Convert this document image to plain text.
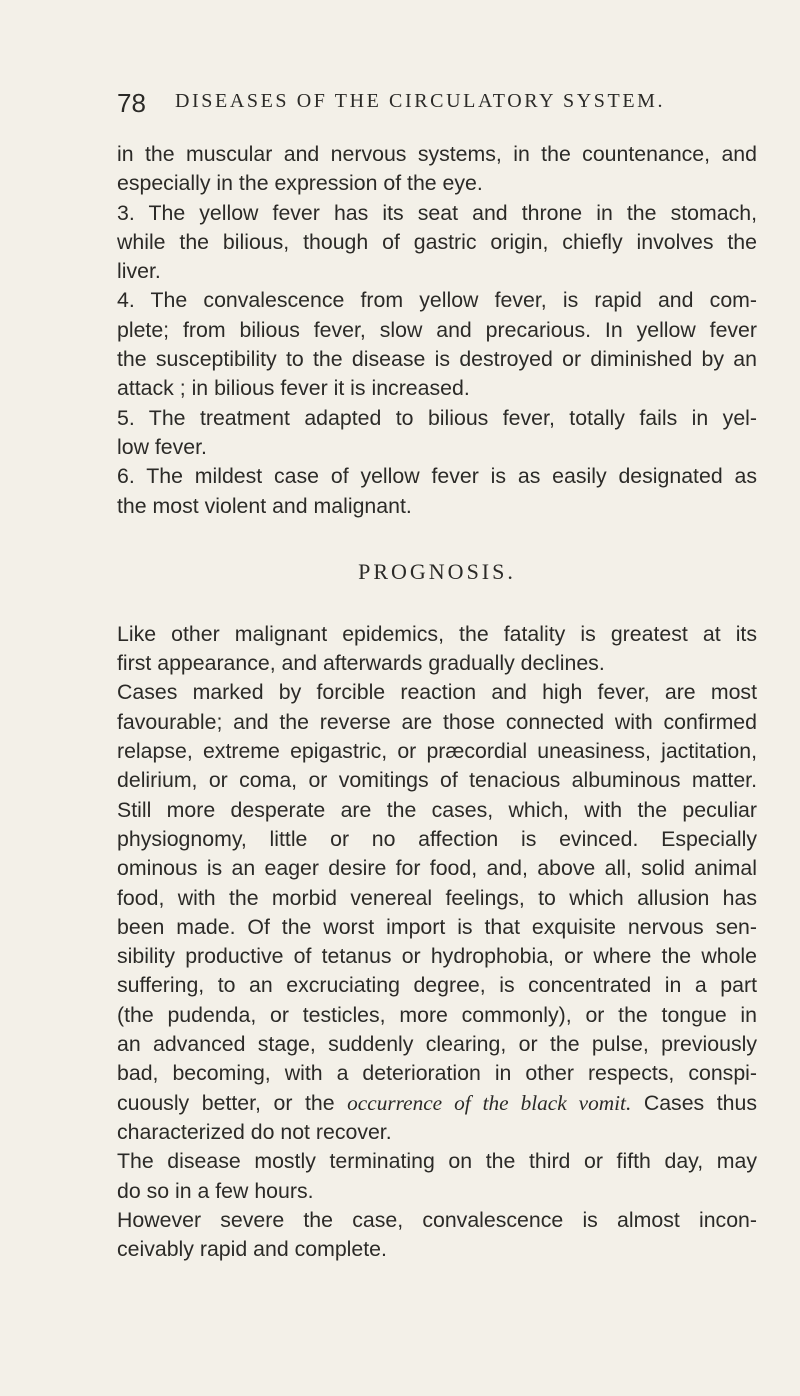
78 DISEASES OF THE CIRCULATORY SYSTEM.

in the muscular and nervous systems, in the countenance, and
especially in the expression of the eye.

3. The yellow fever has its seat and throne in the stomach,
while the bilious, though of gastric origin, chiefly involves the
liver.

4. The convalescence from yellow fever, is rapid and com-
plete; from bilious fever, slow and precarious. In yellow fever
the susceptibility to the disease is destroyed or diminished by an
attack ; in bilious fever it is increased.

5. The treatment adapted to bilious fever, totally fails in yel-
low fever.

6. The mildest case of yellow fever is as easily designated as
the most violent and malignant.

PROGNOSIS.

Like other malignant epidemics, the fatality is greatest at its
first appearance, and afterwards gradually declines.

Cases marked by forcible reaction and high fever, are most
favourable; and the reverse are those connected with confirmed
relapse, extreme epigastric, or præcordial uneasiness, jactitation,
delirium, or coma, or vomitings of tenacious albuminous matter.
Still more desperate are the cases, which, with the peculiar
physiognomy, little or no affection is evinced. Especially
ominous is an eager desire for food, and, above all, solid animal
food, with the morbid venereal feelings, to which allusion has
been made. Of the worst import is that exquisite nervous sen-
sibility productive of tetanus or hydrophobia, or where the whole
suffering, to an excruciating degree, is concentrated in a part
(the pudenda, or testicles, more commonly), or the tongue in
an advanced stage, suddenly clearing, or the pulse, previously
bad, becoming, with a deterioration in other respects, conspi-
cuously better, or the occurrence of the black vomit. Cases thus
characterized do not recover.

The disease mostly terminating on the third or fifth day, may
do so in a few hours.

However severe the case, convalescence is almost incon-
ceivably rapid and complete.
